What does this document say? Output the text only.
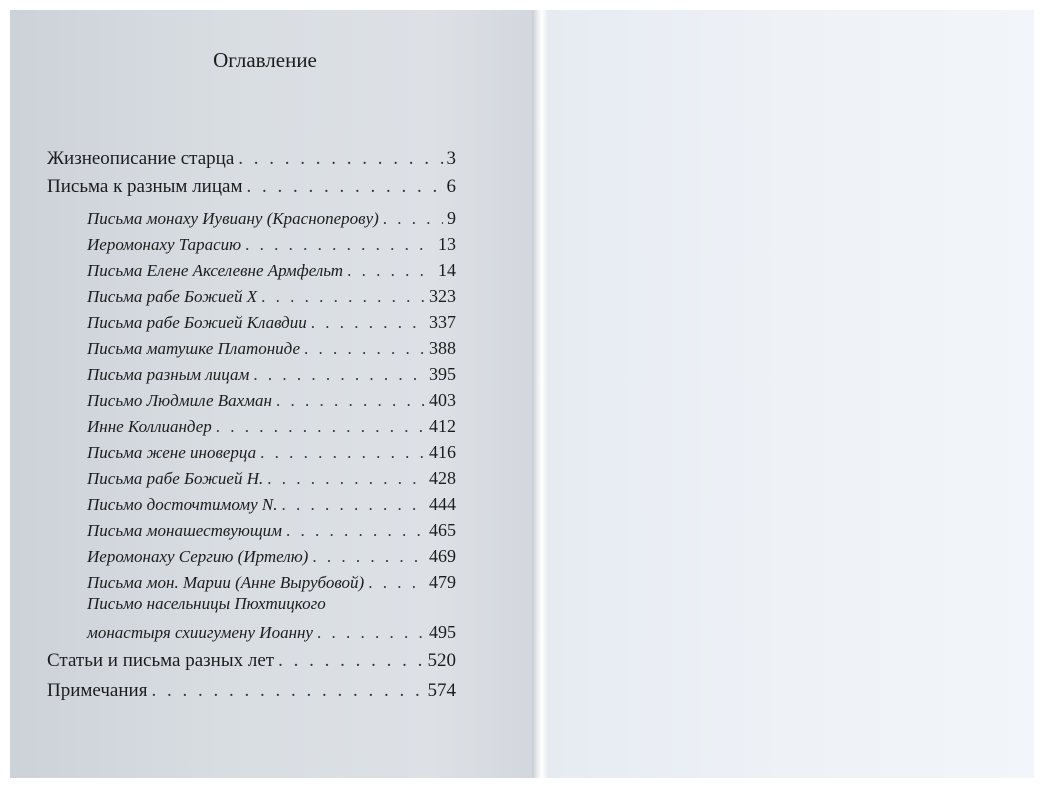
Оглавление
Жизнеописание старца . . .	3
Письма к разным лицам . . .	6
Письма монаху Иувиану (Красноперову) . . .	9
Иеромонаху Тарасию . . .	13
Письма Елене Акселевне Армфельт . . .	14
Письма рабе Божией Х . . .	323
Письма рабе Божией Клавдии . . .	337
Письма матушке Платониде . . .	388
Письма разным лицам . . .	395
Письмо Людмиле Вахман . . .	403
Инне Коллиандер . . .	412
Письма жене иноверца . . .	416
Письма рабе Божией Н. . . .	428
Письмо досточтимому N. . . .	444
Письма монашествующим . . .	465
Иеромонаху Сергию (Иртелю) . . .	469
Письма мон. Марии (Анне Вырубовой) . . .	479
Письмо насельницы Пюхтицкого
монастыря схиигумену Иоанну . . .	495
Статьи и письма разных лет . . .	520
Примечания . . .	574
